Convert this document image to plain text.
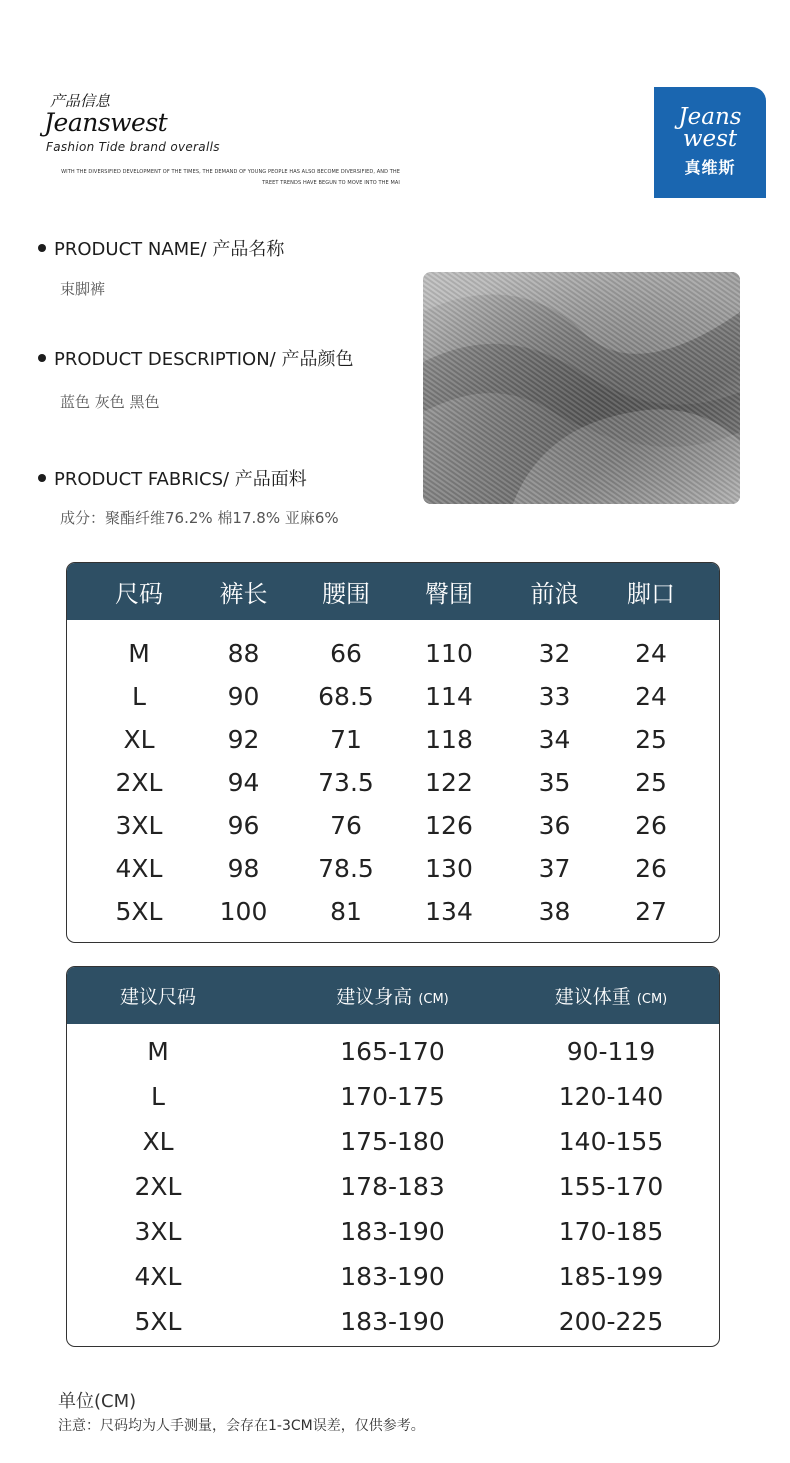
产品信息
Jeanswest
Fashion Tide brand overalls
WITH THE DIVERSIFIED DEVELOPMENT OF THE TIMES, THE DEMAND OF YOUNG PEOPLE HAS ALSO BECOME DIVERSIFIED, AND THE
TREET TRENDS HAVE BEGUN TO MOVE INTO THE MAI
Jeans
west
真维斯
PRODUCT NAME/ 产品名称
束脚裤
PRODUCT DESCRIPTION/ 产品颜色
蓝色 灰色 黑色
PRODUCT FABRICS/ 产品面料
成分：聚酯纤维76.2% 棉17.8% 亚麻6%
尺码	裤长	腰围	臀围	前浪	脚口
M	88	66	110	32	24
L	90	68.5	114	33	24
XL	92	71	118	34	25
2XL	94	73.5	122	35	25
3XL	96	76	126	36	26
4XL	98	78.5	130	37	26
5XL	100	81	134	38	27
建议尺码	建议身高 (CM)	建议体重 (CM)
M	165-170	90-119
L	170-175	120-140
XL	175-180	140-155
2XL	178-183	155-170
3XL	183-190	170-185
4XL	183-190	185-199
5XL	183-190	200-225
单位(CM)
注意：尺码均为人手测量，会存在1-3CM误差，仅供参考。
